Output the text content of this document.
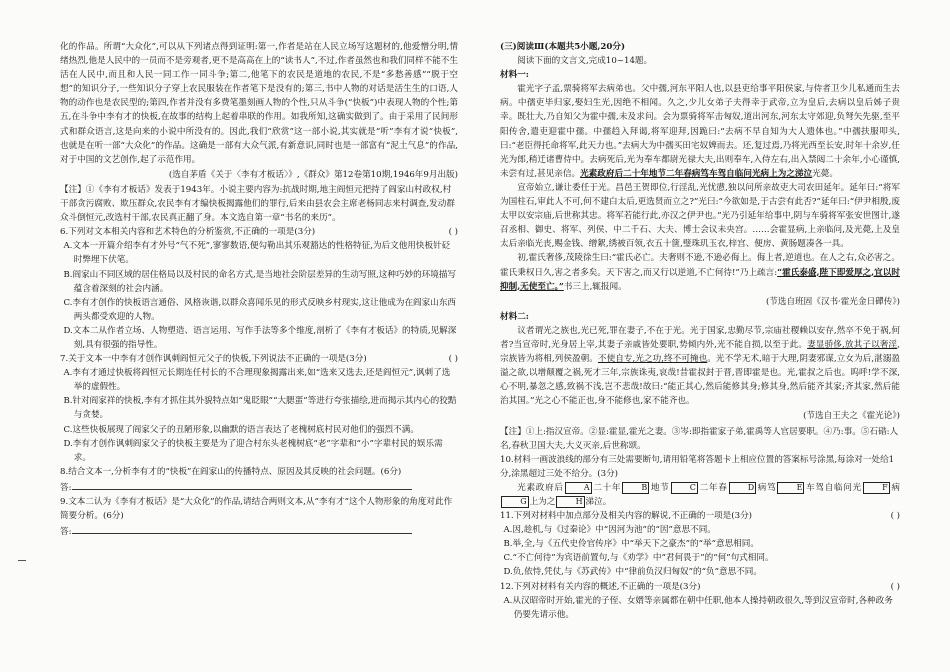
化的作品。所谓“大众化”,可以从下列诸点得到证明:第一,作者是站在人民立场写这题材的,他爱憎分明,情绪热烈,他是人民中的一员而不是旁观者,更不是高高在上的“读书人”,不过,作者虽然也和我们同样不能不生活在人民中,而且和人民一同工作一同斗争;第二,他笔下的农民是道地的农民,不是“多愁善感”“脱于空想”的知识分子,一些知识分子穿上农民服装在作者笔下是没有的;第三,书中人物的对话是活生生的口语,人物的动作也是农民型的;第四,作者并没有多费笔墨刻画人物的个性,只从斗争(“快板”)中表现人物的个性;第五,在斗争中李有才的快板,在故事的结构上起着串联的作用。如我所知,这确实做到了。由于采用了民间形式和群众语言,这是向来的小说中所没有的。因此,我们“欣赏”这一部小说,其实就是“听”李有才说“快板”,也就是在听一部“大众化”的作品。这确是一部有大众气派,有新意识,同时也是一部富有“泥土气息”的作品,对于中国的文艺创作,起了示范作用。

(选自茅盾《关于〈李有才板话〉》,《群众》第12卷第10期,1946年9月出版)

【注】①《李有才板话》发表于1943年。小说主要内容为:抗战时期,地主阎恒元把持了阎家山村政权,村干部贪污腐败、欺压群众,农民李有才编快板揭露他们的罪行,后来由县农会主席老杨同志来村调查,发动群众斗倒恒元,改选村干部,农民真正翻了身。本文选自第一章“书名的来历”。

6.下列对文本相关内容和艺术特色的分析鉴赏,不正确的一项是(3分)	( )

A.文本一开篇介绍李有才外号“气不死”,寥寥数语,便勾勒出其乐观豁达的性格特征,为后文他用快板针砭时弊埋下伏笔。

B.阎家山不同区域的居住格局以及村民的命名方式,是当地社会阶层差异的生动写照,这种巧妙的环境描写蕴含着深刻的社会内涵。

C.李有才创作的快板语言通俗、风格诙谐,以群众喜闻乐见的形式反映乡村现实,这让他成为在阎家山东西两头都受欢迎的人物。

D.文本二从作者立场、人物塑造、语言运用、写作手法等多个维度,剖析了《李有才板话》的特质,见解深刻,具有很强的指导性。

7.关于文本一中李有才创作讽刺阎恒元父子的快板,下列说法不正确的一项是(3分)	( )

A.李有才通过快板将阎恒元长期连任村长的不合理现象揭露出来,如“选来又选去,还是阎恒元”,讽刺了选举的虚假性。

B.针对阎家祥的快板,李有才抓住其外貌特点如“鬼眨眼”“大腮蛋”等进行夸张描绘,进而揭示其内心的狡黠与贪婪。

C.这些快板展现了阎家父子的丑陋形象,以幽默的语言表达了老槐树底村民对他们的强烈不满。

D.李有才创作讽刺阎家父子的快板主要是为了迎合村东头老槐树底“老”字辈和“小”字辈村民的娱乐需求。

8.结合文本一,分析李有才的“快板”在阎家山的传播特点、原因及其反映的社会问题。(6分)

答:

9.文本二认为《李有才板话》是“大众化”的作品,请结合两则文本,从“李有才”这个人物形象的角度对此作简要分析。(6分)

答:

(三)阅读Ⅲ(本题共5小题,20分)

阅读下面的文言文,完成10~14题。

材料一:

霍光字子孟,票骑将军去病弟也。父中孺,河东平阳人也,以县吏给事平阳侯家,与侍者卫少儿私通而生去病。中孺吏毕归家,娶妇生光,因绝不相闻。久之,少儿女弟子夫得幸于武帝,立为皇后,去病以皇后姊子贵幸。既壮大,乃自知父为霍中孺,未及求问。会为票骑将军击匈奴,道出河东,河东太守郊迎,负弩矢先驱,至平阳传舍,遣吏迎霍中孺。中孺趋入拜谒,将军迎拜,因跪曰:“去病不早自知为大人遗体也。”中孺扶服叩头,曰:“老臣得托命将军,此天力也。”去病大为中孺买田宅奴婢而去。还,复过焉,乃将光西至长安,时年十余岁,任光为郎,稍迁诸曹侍中。去病死后,光为奉车都尉光禄大夫,出则奉车,入侍左右,出入禁闼二十余年,小心谨慎,未尝有过,甚见亲信。光素政府后二十年地节二年春病笃车驾自临问光病上为之涕泣光薨。

宣帝始立,谦让委任于光。昌邑王贺即位,行淫乱,光忧懑,独以问所亲故吏大司农田延年。延年曰:“将军为国柱石,审此人不可,何不建白太后,更选贤而立之?”光曰:“今欲如是,于古尝有此否?”延年曰:“伊尹相殷,废太甲以安宗庙,后世称其忠。将军若能行此,亦汉之伊尹也。”光乃引延年给事中,阴与车骑将军张安世图计,遂召丞相、御史、将军、列侯、中二千石、大夫、博士会议未央宫。……会霍显病,上亲临问,及光薨,上及皇太后亲临光丧,赐金钱、缯絮,绣被百领,衣五十箧,璧珠玑玉衣,梓宫、便房、黄肠题凑各一具。

初,霍氏奢侈,茂陵徐生曰:“霍氏必亡。夫奢则不逊,不逊必侮上。侮上者,逆道也。在人之右,众必害之。霍氏秉权日久,害之者多矣。天下害之,而又行以逆道,不亡何待!”乃上疏言:“霍氏泰盛,陛下即爱厚之,宜以时抑制,无使至亡。”书三上,辄报闻。

(节选自班固《汉书·霍光金日磾传》)

材料二:

议者谓光之族也,光已死,罪在妻子,不在于光。光于国家,忠勤尽节,宗庙社稷赖以安存,然卒不免于祸,何者?当宣帝时,光身居上宰,其妻子亲戚皆处要职,势倾内外,光不能自损,以至于此。妻显骄侈,放其子以奢淫,宗族皆为将相,列侯盈朝。不使自专,光之功,终不可掩也。光不学无术,暗于大理,阴妻邪谋,立女为后,湛溺盈溢之欲,以增颠覆之祸,死才三年,宗族诛夷,哀哉!昔霍叔封于晋,晋即霍是也。光,霍叔之后也。呜呼!学不深,心不明,暴忽之感,致祸不浅,岂不悲哉!故曰:“能正其心,然后能修其身;修其身,然后能齐其家;齐其家,然后能治其国。”光之心不能正也,身不能修也,家不能齐也。

(节选自王夫之《霍光论》)

【注】①上:指汉宣帝。②显:霍显,霍光之妻。③岑:即指霍家子弟,霍禹等人官居要职。④乃:事。⑤石碏:人名,春秋卫国大夫,大义灭亲,后世称颂。

10.材料一画波浪线的部分有三处需要断句,请用铅笔将答题卡上相应位置的答案标号涂黑,每涂对一处给1分,涂黑超过三处不给分。(3分)

光素政府后	A 二十年	B 地节	C 二年春	D 病笃	E 车驾自临问光	F 病G 上为之	H 涕泣。

11.下列对材料中加点部分及相关内容的解说,不正确的一项是(3分)	( )

A.因,趁机,与《过秦论》中“因河为池”的“因”意思不同。

B.举,全,与《五代史伶官传序》中“举天下之豪杰”的“举”意思相同。

C.“不亡何待”为宾语前置句,与《劝学》中“君何畏于”的“何”句式相同。

D.负,依恃,凭仗,与《苏武传》中“律前负汉归匈奴”的“负”意思不同。

12.下列对材料有关内容的概述,不正确的一项是(3分)	( )

A.从汉昭帝时开始,霍光的子侄、女婿等亲属都在朝中任职,他本人操持朝政很久,等到汉宣帝时,各种政务仍要先请示他。
